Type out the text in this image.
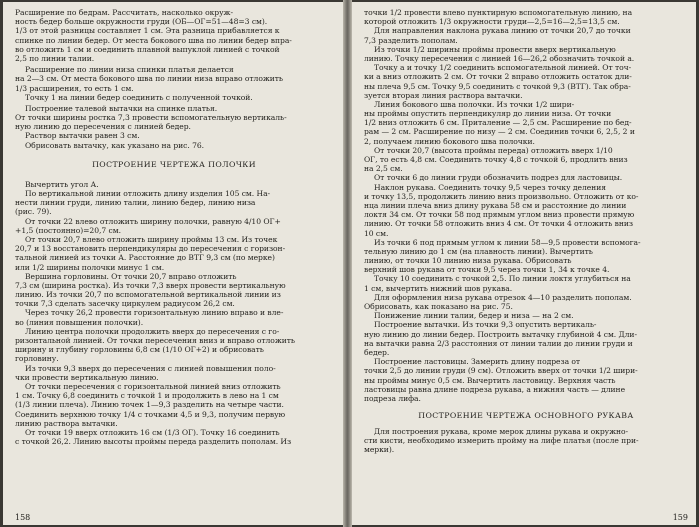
Расширение по бедрам. Рассчитать, насколько окруж-
ность бедер больше окружности груди (ОБ—ОГ=51—48=3 см).
1/3 от этой разницы составляет 1 см. Эта разница прибавляется к
спинке по линии бедер. От места бокового шва по линии бедер впра-
во отложить 1 см и соединить плавной выпуклой линией с точкой
2,5 по линии талии.
Расширение по линии низа спинки платья делается
на 2—3 см. От места бокового шва по линии низа вправо отложить
1/3 расширения, то есть 1 см.
Точку 1 на линии бедер соединить с полученной точкой.
Построение талевой вытачки на спинке платья.
От точки ширины ростка 7,3 провести вспомогательную вертикаль-
ную линию до пересечения с линией бедер.
Раствор вытачки равен 3 см.
Обрисовать вытачку, как указано на рис. 76.
ПОСТРОЕНИЕ ЧЕРТЕЖА ПОЛОЧКИ
Вычертить угол А.
По вертикальной линии отложить длину изделия 105 см. На-
нести линии груди, линию талии, линию бедер, линию низа
(рис. 79).
От точки 22 влево отложить ширину полочки, равную 4/10 ОГ+
+1,5 (постоянно)=20,7 см.
От точки 20,7 влево отложить ширину проймы 13 см. Из точек
20,7 и 13 восстановить перпендикуляры до пересечения с горизон-
тальной линией из точки А. Расстояние до ВТГ 9,3 см (по мерке)
или 1/2 ширины полочки минус 1 см.
Вершина горловины. От точки 20,7 вправо отложить
7,3 см (ширина ростка). Из точки 7,3 вверх провести вертикальную
линию. Из точки 20,7 по вспомогательной вертикальной линии из
точки 7,3 сделать засечку циркулем радиусом 26,2 см.
Через точку 26,2 провести горизонтальную линию вправо и вле-
во (линия повышения полочки).
Линию центра полочки продолжить вверх до пересечения с го-
ризонтальной линией. От точки пересечения вниз и вправо отложить
ширину и глубину горловины 6,8 см (1/10 ОГ+2) и обрисовать
горловину.
Из точки 9,3 вверх до пересечения с линией повышения поло-
чки провести вертикальную линию.
От точки пересечения с горизонтальной линией вниз отложить
1 см. Точку 6,8 соединить с точкой 1 и продолжить в лево на 1 см
(1/3 линии плеча). Линию точек 1—9,3 разделить на четыре части.
Соединить верхнюю точку 1/4 с точками 4,5 и 9,3, получим первую
линию раствора вытачки.
От точки 19 вверх отложить 16 см (1/3 ОГ). Точку 16 соединить
с точкой 26,2. Линию высоты проймы переда разделить пополам. Из
158
точки 1/2 провести влево пунктирную вспомогательную линию, на
которой отложить 1/3 окружности груди—2,5=16—2,5=13,5 см.
Для направления наклона рукава линию от точки 20,7 до точки
7,3 разделить пополам.
Из точки 1/2 ширины проймы провести вверх вертикальную
линию. Точку пересечения с линией 16—26,2 обозначить точкой а.
Точку а и точку 1/2 соединить вспомогательной линией. От точ-
ки а вниз отложить 2 см. От точки 2 вправо отложить остаток дли-
ны плеча 9,5 см. Точку 9,5 соединить с точкой 9,3 (ВТГ). Так обра-
зуется вторая линия раствора вытачки.
Линия бокового шва полочки. Из точки 1/2 шири-
ны проймы опустить перпендикуляр до линии низа. От точки
1/2 вниз отложить 6 см. Приталение — 2,5 см. Расширение по бед-
рам — 2 см. Расширение по низу — 2 см. Соединив точки 6, 2,5, 2 и
2, получаем линию бокового шва полочки.
От точки 20,7 (высота проймы переда) отложить вверх 1/10
ОГ, то есть 4,8 см. Соединить точку 4,8 с точкой 6, продлить вниз
на 2,5 см.
От точки 6 до линии груди обозначить подрез для ластовицы.
Наклон рукава. Соединить точку 9,5 через точку деления
и точку 13,5, продолжить линию вниз произвольно. Отложить от ко-
нца линии плеча вниз длину рукава 58 см и расстояние до линии
локтя 34 см. От точки 58 под прямым углом вниз провести прямую
линию. От точки 58 отложить вниз 4 см. От точки 4 отложить вниз
10 см.
Из точки 6 под прямым углом к линии 58—9,5 провести вспомога-
тельную линию до 1 см (на плавность линии). Вычертить
линию, от точки 10 линию низа рукава. Обрисовать
верхний шов рукава от точки 9,5 через точки 1, 34 к точке 4.
Точку 10 соединить с точкой 2,5. По линии локтя углубиться на
1 см, вычертить нижний шов рукава.
Для оформления низа рукава отрезок 4—10 разделить пополам.
Обрисовать, как показано на рис. 75.
Понижение линии талии, бедер и низа — на 2 см.
Построение вытачки. Из точки 9,3 опустить вертикаль-
ную линию до линии бедер. Построить вытачку глубиной 4 см. Дли-
на вытачки равна 2/3 расстояния от линии талии до линии груди и
бедер.
Построение ластовицы. Замерить длину подреза от
точки 2,5 до линии груди (9 см). Отложить вверх от точки 1/2 шири-
ны проймы минус 0,5 см. Вычертить ластовицу. Верхняя часть
ластовицы равна длине подреза рукава, а нижняя часть — длине
подреза лифа.
ПОСТРОЕНИЕ ЧЕРТЕЖА ОСНОВНОГО РУКАВА
Для построения рукава, кроме мерок длины рукава и окружно-
сти кисти, необходимо измерить пройму на лифе платья (после при-
мерки).
159
